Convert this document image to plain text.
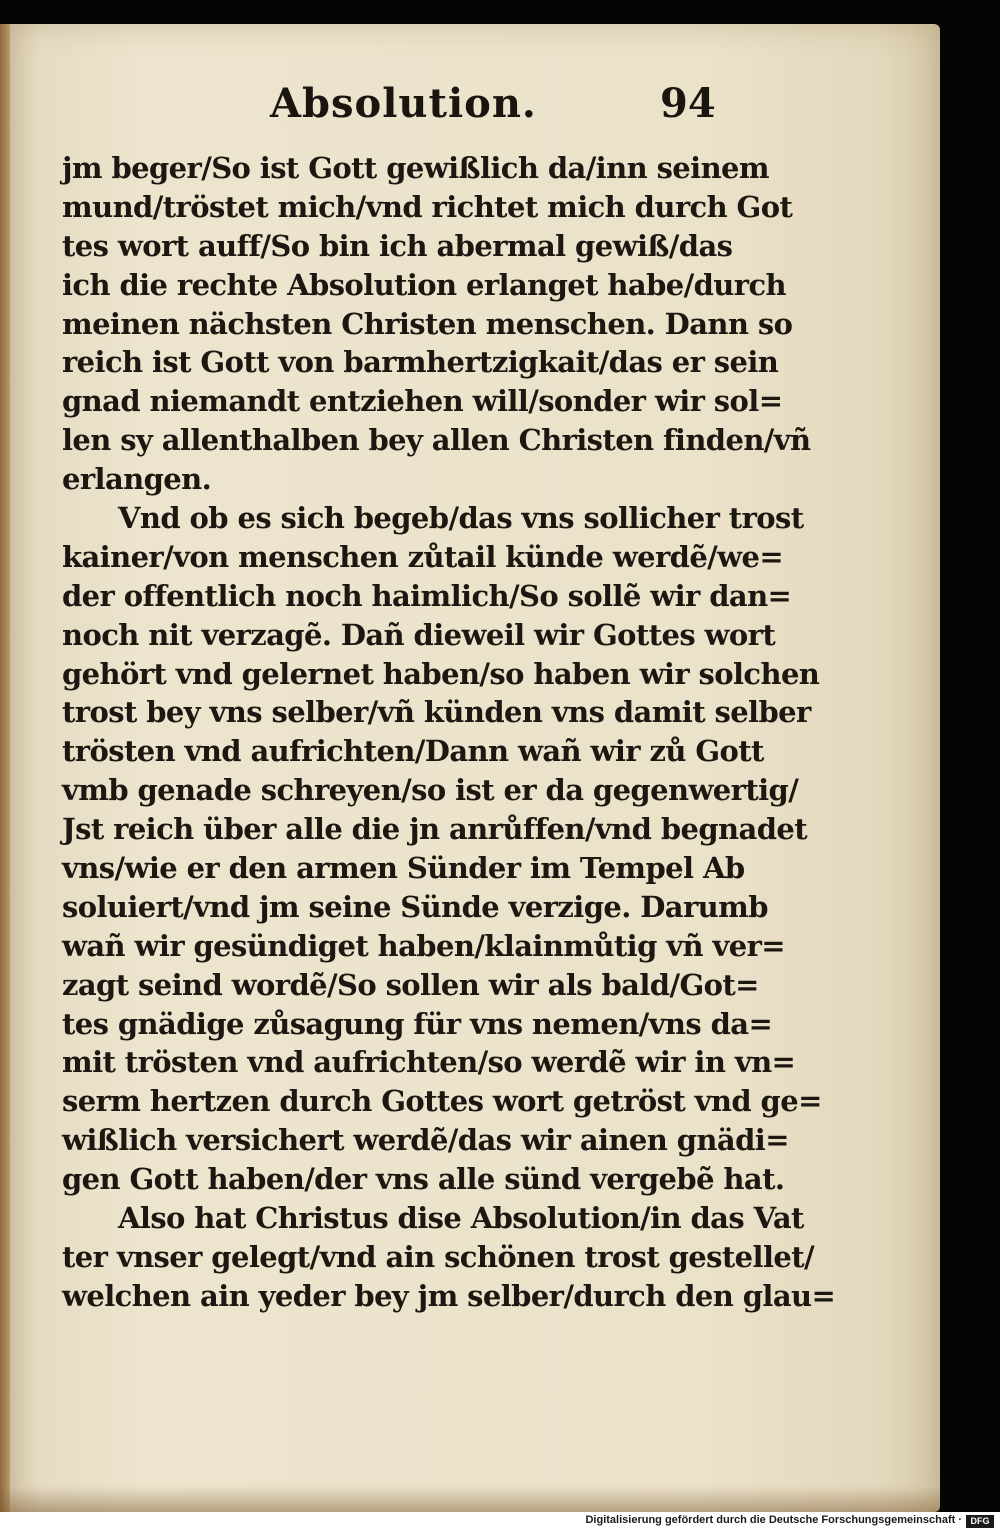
Absolution.	94
jm beger/So ist Gott gewißlich da/inn seinem
mund/tröstet mich/vnd richtet mich durch Got
tes wort auff/So bin ich abermal gewiß/das
ich die rechte Absolution erlanget habe/durch
meinen nächsten Christen menschen. Dann so
reich ist Gott von barmhertzigkait/das er sein
gnad niemandt entziehen will/sonder wir sol=
len sy allenthalben bey allen Christen finden/vñ
erlangen.
Vnd ob es sich begeb/das vns sollicher trost
kainer/von menschen zůtail künde werdẽ/we=
der offentlich noch haimlich/So sollẽ wir dan=
noch nit verzagẽ. Dañ dieweil wir Gottes wort
gehört vnd gelernet haben/so haben wir solchen
trost bey vns selber/vñ künden vns damit selber
trösten vnd aufrichten/Dann wañ wir zů Gott
vmb genade schreyen/so ist er da gegenwertig/
Jst reich über alle die jn anrůffen/vnd begnadet
vns/wie er den armen Sünder im Tempel Ab
soluiert/vnd jm seine Sünde verzige. Darumb
wañ wir gesündiget haben/klainmůtig vñ ver=
zagt seind wordẽ/So sollen wir als bald/Got=
tes gnädige zůsagung für vns nemen/vns da=
mit trösten vnd aufrichten/so werdẽ wir in vn=
serm hertzen durch Gottes wort getröst vnd ge=
wißlich versichert werdẽ/das wir ainen gnädi=
gen Gott haben/der vns alle sünd vergebẽ hat.
Also hat Christus dise Absolution/in das Vat
ter vnser gelegt/vnd ain schönen trost gestellet/
welchen ain yeder bey jm selber/durch den glau=
Digitalisierung gefördert durch die Deutsche Forschungsgemeinschaft · DFG
